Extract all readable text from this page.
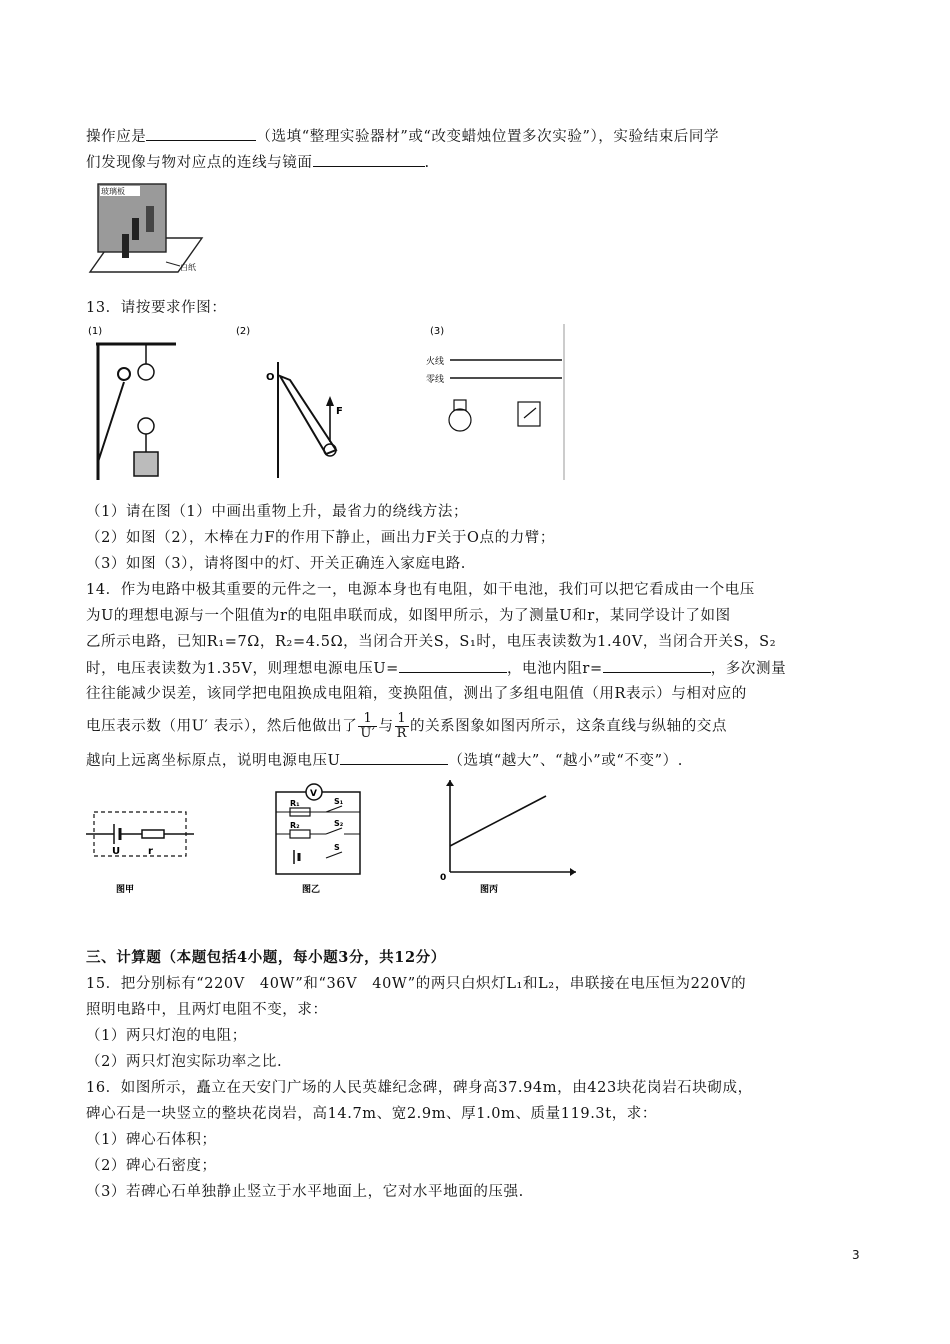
操作应是	（选填“整理实验器材”或“改变蜡烛位置多次实验”），实验结束后同学
们发现像与物对应点的连线与镜面	.
玻璃板
白纸
13．请按要求作图：
(1)	(2)
O
F
(3)
火线
零线
（1）请在图（1）中画出重物上升，最省力的绕线方法；
（2）如图（2），木棒在力F的作用下静止，画出力F关于O点的力臂；
（3）如图（3），请将图中的灯、开关正确连入家庭电路.
14．作为电路中极其重要的元件之一，电源本身也有电阻，如干电池，我们可以把它看成由一个电压
为U的理想电源与一个阻值为r的电阻串联而成，如图甲所示，为了测量U和r，某同学设计了如图
乙所示电路，已知R₁=7Ω，R₂=4.5Ω，当闭合开关S，S₁时，电压表读数为1.40V，当闭合开关S，S₂
时，电压表读数为1.35V，则理想电源电压U=	，电池内阻r=	，多次测量
往往能减少误差，该同学把电阻换成电阻箱，变换阻值，测出了多组电阻值（用R表示）与相对应的
电压表示数（用U′ 表示），然后他做出了 $\frac{1}{U'}$ 与 $\frac{1}{R}$ 的关系图象如图丙所示，这条直线与纵轴的交点
越向上远离坐标原点，说明电源电压U	（选填“越大”、“越小”或“不变”）.
U	r
图甲
V
R₁	S₁
R₂	S₂
S
图乙
0
图丙
三、计算题（本题包括4小题，每小题3分，共12分）
15．把分别标有“220V　40W”和“36V　40W”的两只白炽灯L₁和L₂，串联接在电压恒为220V的
照明电路中，且两灯电阻不变，求：
（1）两只灯泡的电阻；
（2）两只灯泡实际功率之比.
16．如图所示，矗立在天安门广场的人民英雄纪念碑，碑身高37.94m，由423块花岗岩石块砌成，
碑心石是一块竖立的整块花岗岩，高14.7m、宽2.9m、厚1.0m、质量119.3t，求：
（1）碑心石体积；
（2）碑心石密度；
（3）若碑心石单独静止竖立于水平地面上，它对水平地面的压强.
3
